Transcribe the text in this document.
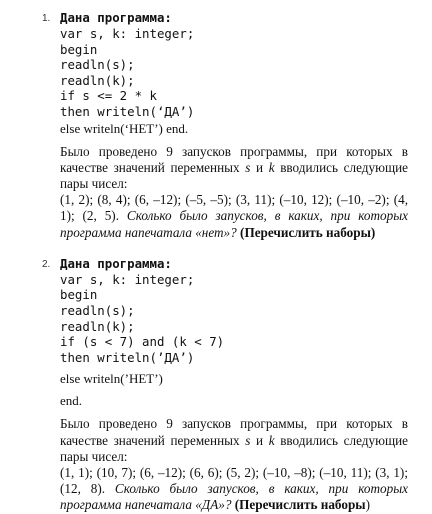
1. Дана программа:
var s, k: integer;
begin
readln(s);
readln(k);
if s <= 2 * k
then writeln(‘ДА’)
else writeln(‘НЕТ’) end.
Было проведено 9 запусков программы, при которых в качестве значений переменных s и k вводились следующие пары чисел:
(1, 2); (8, 4); (6, –12); (–5, –5); (3, 11); (–10, 12); (–10, –2); (4, 1); (2, 5). Сколько было запусков, в каких, при которых программа напечатала «нет»? (Перечислить наборы)
2. Дана программа:
var s, k: integer;
begin
readln(s);
readln(k);
if (s < 7) and (k < 7)
then writeln(’ДА’)
else writeln(’НЕТ’)
end.
Было проведено 9 запусков программы, при которых в качестве значений переменных s и k вводились следующие пары чисел:
(1, 1); (10, 7); (6, –12); (6, 6); (5, 2); (–10, –8); (–10, 11); (3, 1); (12, 8). Сколько было запусков, в каких, при которых программа напечатала «ДА»? (Перечислить наборы)
